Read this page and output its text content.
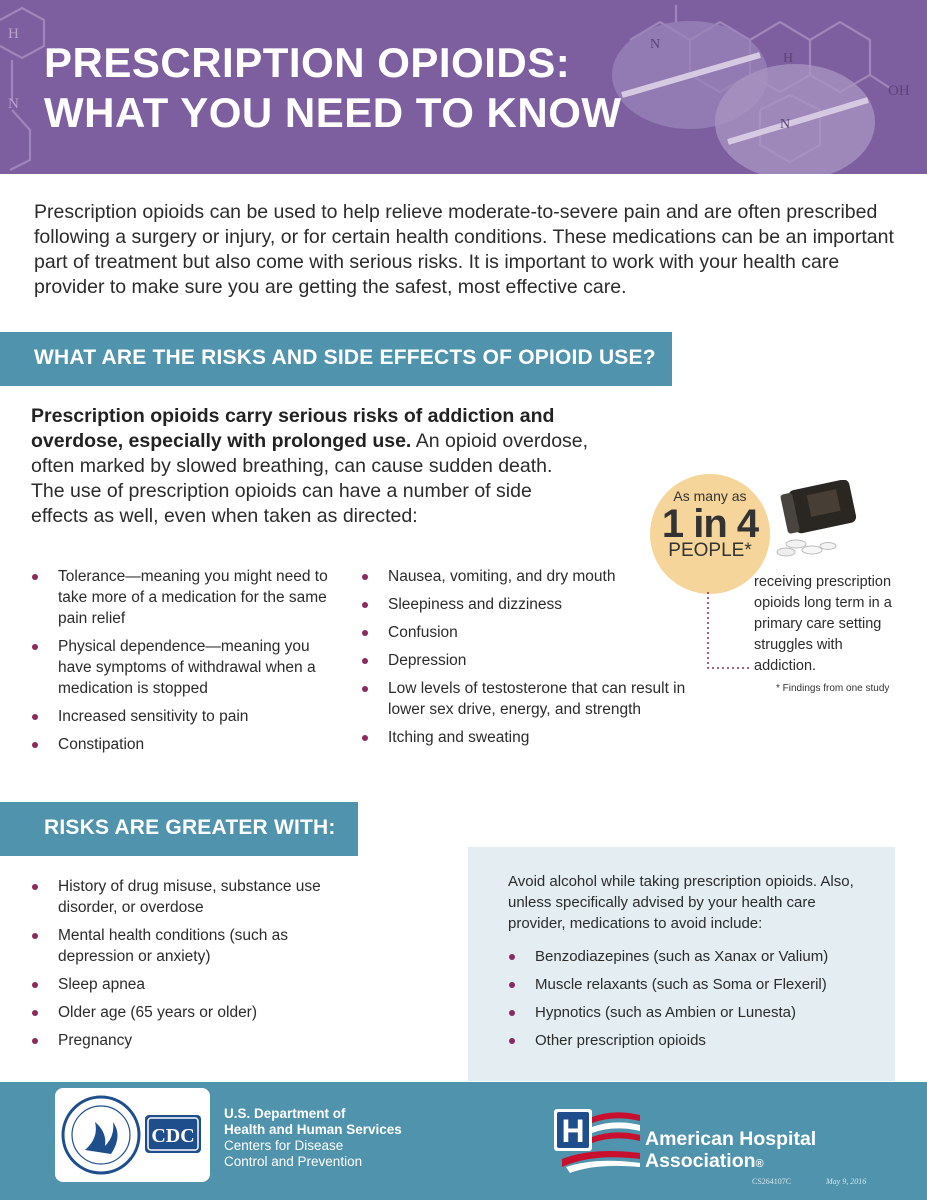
H
N
N
H
N
OH
PRESCRIPTION OPIOIDS:
WHAT YOU NEED TO KNOW
Prescription opioids can be used to help relieve moderate-to-severe pain and are often prescribed following a surgery or injury, or for certain health conditions. These medications can be an important part of treatment but also come with serious risks. It is important to work with your health care provider to make sure you are getting the safest, most effective care.
WHAT ARE THE RISKS AND SIDE EFFECTS OF OPIOID USE?
Prescription opioids carry serious risks of addiction and overdose, especially with prolonged use. An opioid overdose, often marked by slowed breathing, can cause sudden death. The use of prescription opioids can have a number of side effects as well, even when taken as directed:
Tolerance—meaning you might need to take more of a medication for the same pain relief
Physical dependence—meaning you have symptoms of withdrawal when a medication is stopped
Increased sensitivity to pain
Constipation
Nausea, vomiting, and dry mouth
Sleepiness and dizziness
Confusion
Depression
Low levels of testosterone that can result in lower sex drive, energy, and strength
Itching and sweating
As many as
1 in 4
PEOPLE*
receiving prescription opioids long term in a primary care setting struggles with addiction.
* Findings from one study
RISKS ARE GREATER WITH:
History of drug misuse, substance use disorder, or overdose
Mental health conditions (such as depression or anxiety)
Sleep apnea
Older age (65 years or older)
Pregnancy
Avoid alcohol while taking prescription opioids. Also, unless specifically advised by your health care provider, medications to avoid include:
Benzodiazepines (such as Xanax or Valium)
Muscle relaxants (such as Soma or Flexeril)
Hypnotics (such as Ambien or Lunesta)
Other prescription opioids
CDC
U.S. Department of
Health and Human Services
Centers for Disease
Control and Prevention
H	American Hospital
Association®
CS264107C	May 9, 2016
